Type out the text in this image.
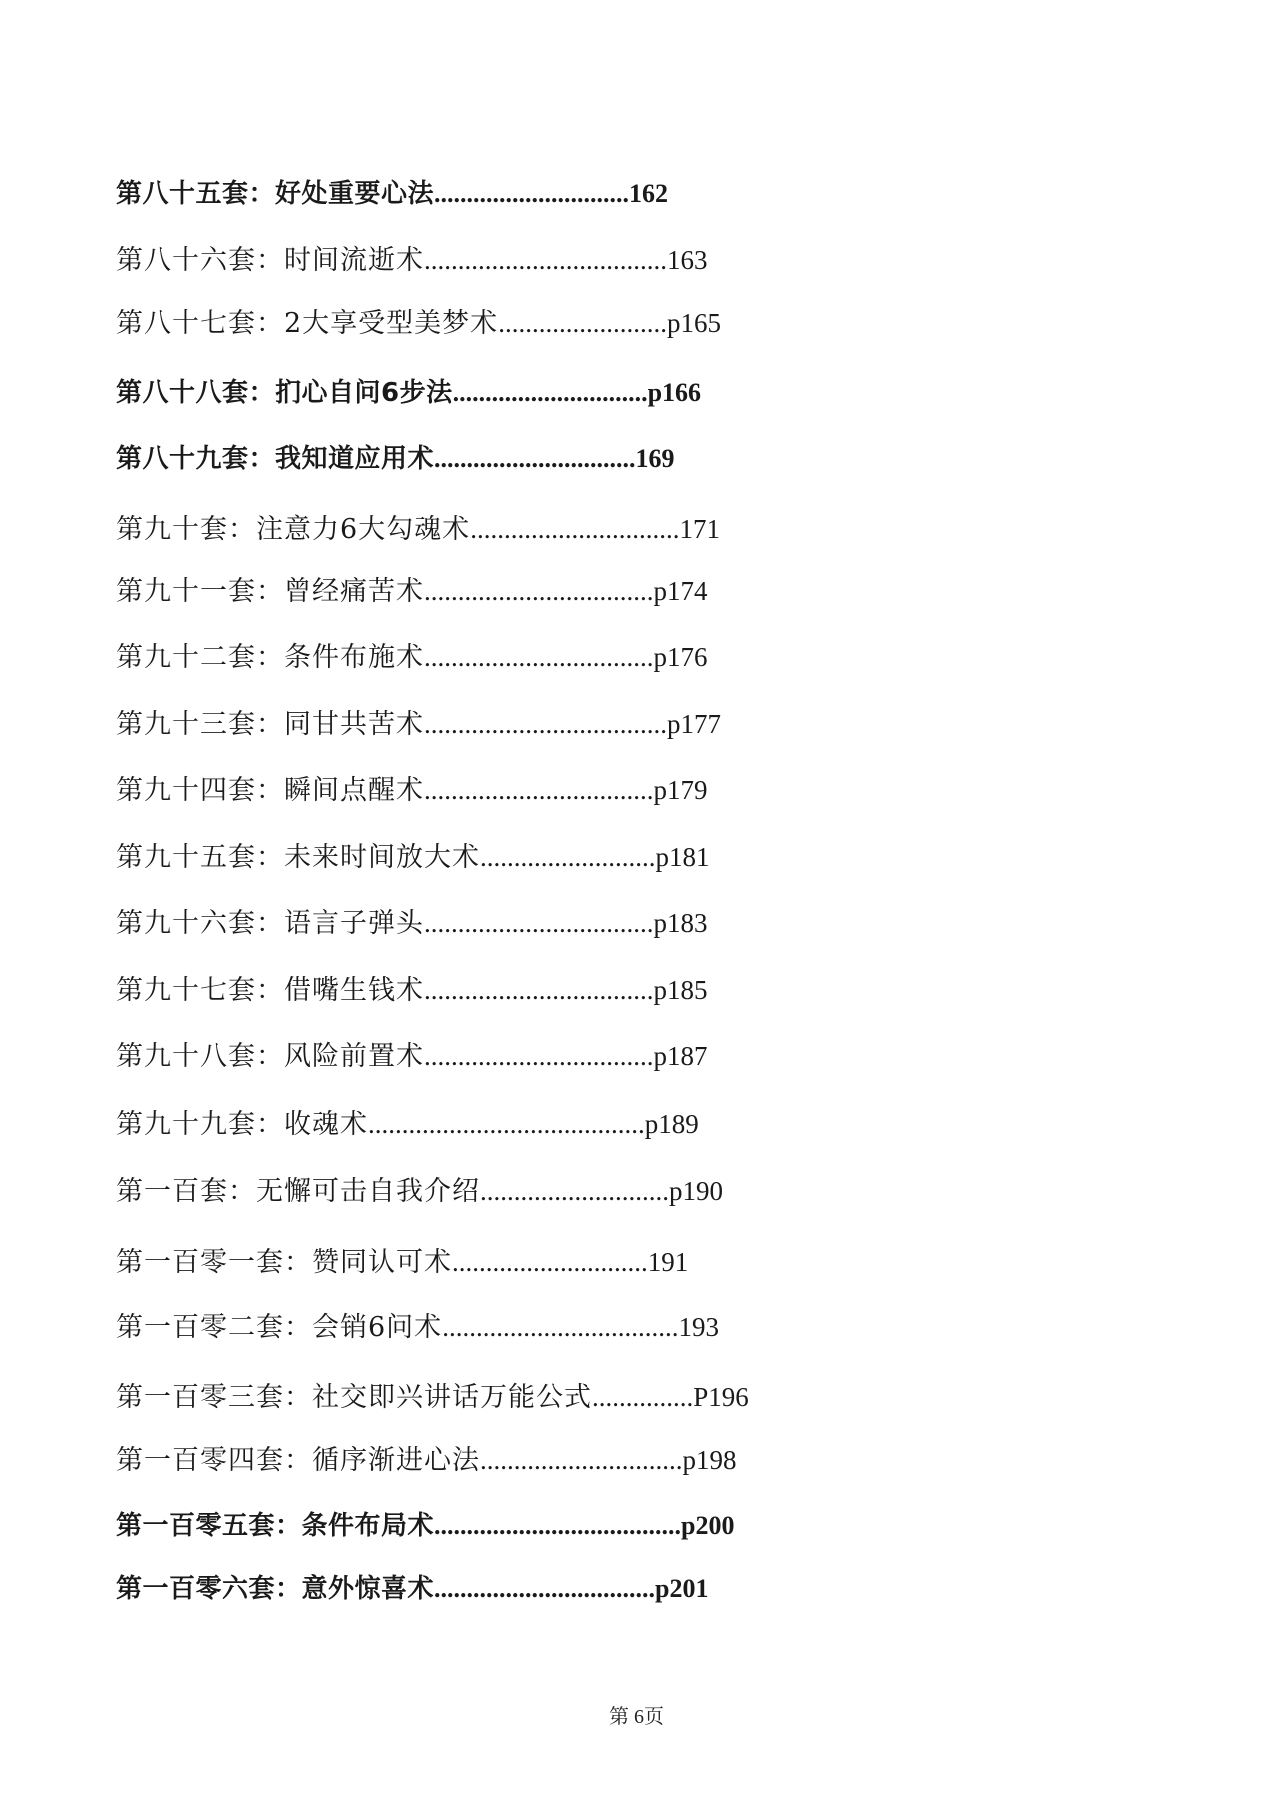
第八十五套：好处重要心法..............................162
第八十六套：时间流逝术....................................163
第八十七套：2大享受型美梦术.........................p165
第八十八套：扪心自问6步法..............................p166
第八十九套：我知道应用术...............................169
第九十套：注意力6大勾魂术...............................171
第九十一套：曾经痛苦术..................................p174
第九十二套：条件布施术..................................p176
第九十三套：同甘共苦术....................................p177
第九十四套：瞬间点醒术..................................p179
第九十五套：未来时间放大术..........................p181
第九十六套：语言子弹头..................................p183
第九十七套：借嘴生钱术..................................p185
第九十八套：风险前置术..................................p187
第九十九套：收魂术.........................................p189
第一百套：无懈可击自我介绍............................p190
第一百零一套：赞同认可术.............................191
第一百零二套：会销6问术...................................193
第一百零三套：社交即兴讲话万能公式...............P196
第一百零四套：循序渐进心法..............................p198
第一百零五套：条件布局术......................................p200
第一百零六套：意外惊喜术..................................p201
第 6页
